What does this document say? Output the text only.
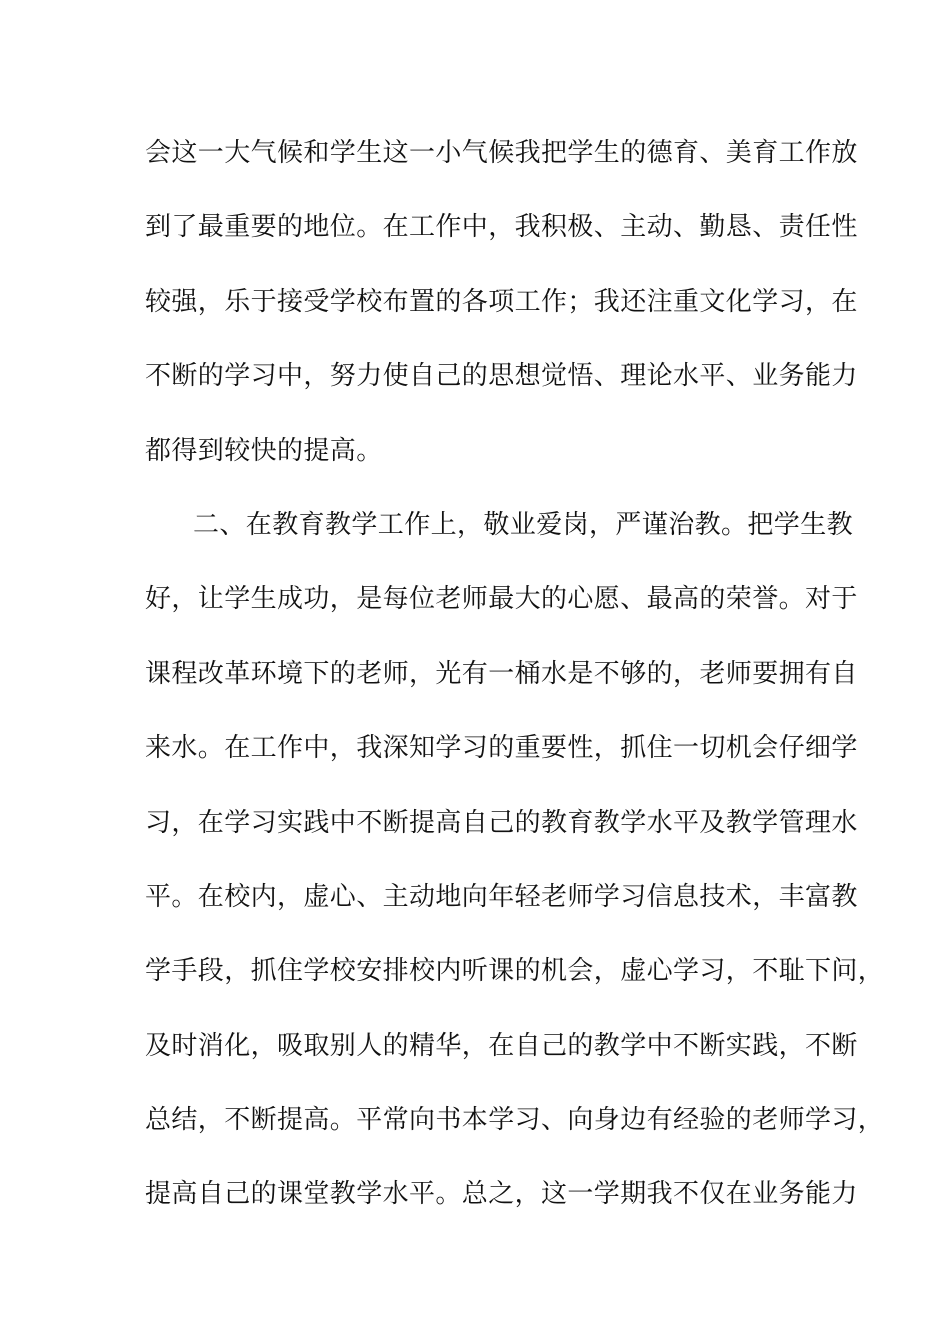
会这一大气候和学生这一小气候我把学生的德育、美育工作放
到了最重要的地位。在工作中，我积极、主动、勤恳、责任性
较强，乐于接受学校布置的各项工作；我还注重文化学习，在
不断的学习中，努力使自己的思想觉悟、理论水平、业务能力
都得到较快的提高。
二、在教育教学工作上，敬业爱岗，严谨治教。把学生教
好，让学生成功，是每位老师最大的心愿、最高的荣誉。对于
课程改革环境下的老师，光有一桶水是不够的，老师要拥有自
来水。在工作中，我深知学习的重要性，抓住一切机会仔细学
习，在学习实践中不断提高自己的教育教学水平及教学管理水
平。在校内，虚心、主动地向年轻老师学习信息技术，丰富教
学手段，抓住学校安排校内听课的机会，虚心学习，不耻下问，
及时消化，吸取别人的精华，在自己的教学中不断实践，不断
总结，不断提高。平常向书本学习、向身边有经验的老师学习，
提高自己的课堂教学水平。总之，这一学期我不仅在业务能力
